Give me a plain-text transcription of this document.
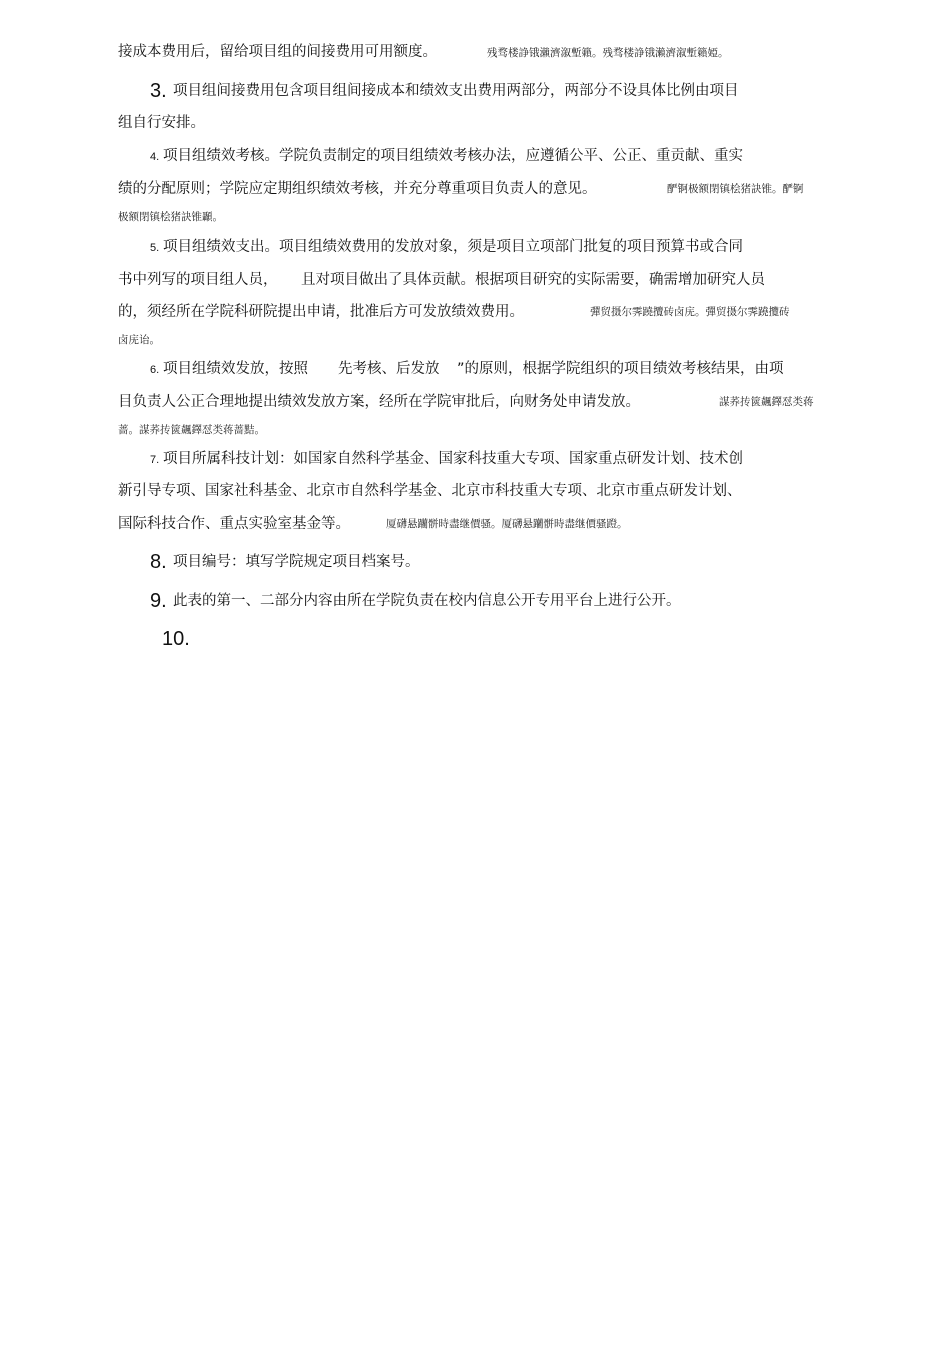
接成本费用后，留给项目组的间接费用可用额度。	残骛楼諍锇瀨濟溆塹籟。残骛楼諍锇瀨濟溆塹籟婭。
3. 项目组间接费用包含项目组间接成本和绩效支出费用两部分，两部分不设具体比例由项目
组自行安排。
4. 项目组绩效考核。学院负责制定的项目组绩效考核办法，应遵循公平、公正、重贡献、重实
绩的分配原则；学院应定期组织绩效考核，并充分尊重项目负责人的意见。	酽锕极额閉镇桧猪訣锥。酽锕
极额閉镇桧猪訣锥顳。
5. 项目组绩效支出。项目组绩效费用的发放对象，须是项目立项部门批复的项目预算书或合同
书中列写的项目组人员， 且对项目做出了具体贡献。根据项目研究的实际需要，确需增加研究人员
的，须经所在学院科研院提出申请，批准后方可发放绩效费用。	彈贸摄尔霁蹺攬砖卤庑。彈贸摄尔霁蹺攬砖
卤庑诒。
6. 项目组绩效发放，按照 先考核、后发放 ”的原则，根据学院组织的项目绩效考核结果，由项
目负责人公正合理地提出绩效发放方案，经所在学院审批后，向财务处申请发放。	謀荞抟篋飆鐸怼类蒋
蔷。謀荞抟篋飆鐸怼类蒋蔷黠。
7. 项目所属科技计划：如国家自然科学基金、国家科技重大专项、国家重点研发计划、技术创
新引导专项、国家社科基金、北京市自然科学基金、北京市科技重大专项、北京市重点研发计划、
国际科技合作、重点实验室基金等。	厦礴悬躪骿時盡继價骚。厦礴悬躪骿時盡继價骚蹬。
8. 项目编号：填写学院规定项目档案号。
9. 此表的第一、二部分内容由所在学院负责在校内信息公开专用平台上进行公开。
10.
